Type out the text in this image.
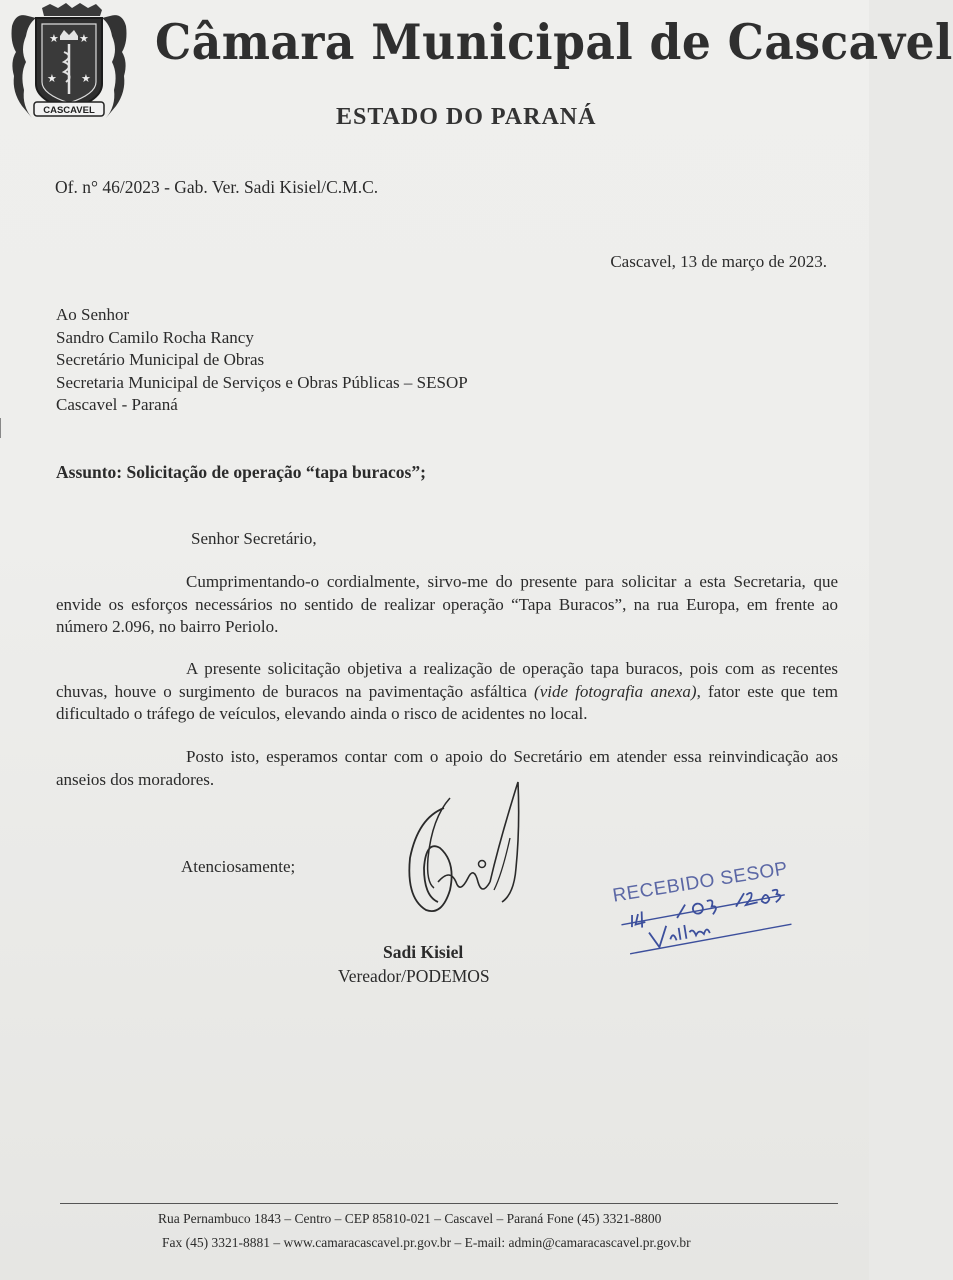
★ ★
★ ★
CASCAVEL
Câmara Municipal de Cascavel
ESTADO DO PARANÁ
Of. n° 46/2023 - Gab. Ver. Sadi Kisiel/C.M.C.
Cascavel, 13 de março de 2023.
Ao Senhor
Sandro Camilo Rocha Rancy
Secretário Municipal de Obras
Secretaria Municipal de Serviços e Obras Públicas – SESOP
Cascavel - Paraná
Assunto: Solicitação de operação “tapa buracos”;
Senhor Secretário,
Cumprimentando-o cordialmente, sirvo-me do presente para solicitar a esta Secretaria, que envide os esforços necessários no sentido de realizar operação “Tapa Buracos”, na rua Europa, em frente ao número 2.096, no bairro Periolo.
A presente solicitação objetiva a realização de operação tapa buracos, pois com as recentes chuvas, houve o surgimento de buracos na pavimentação asfáltica (vide fotografia anexa), fator este que tem dificultado o tráfego de veículos, elevando ainda o risco de acidentes no local.
Posto isto, esperamos contar com o apoio do Secretário em atender essa reinvindicação aos anseios dos moradores.
Atenciosamente;
Sadi Kisiel
Vereador/PODEMOS
RECEBIDO SESOP
Rua Pernambuco 1843 – Centro – CEP 85810-021 – Cascavel – Paraná Fone (45) 3321-8800
Fax (45) 3321-8881 – www.camaracascavel.pr.gov.br – E-mail: admin@camaracascavel.pr.gov.br
